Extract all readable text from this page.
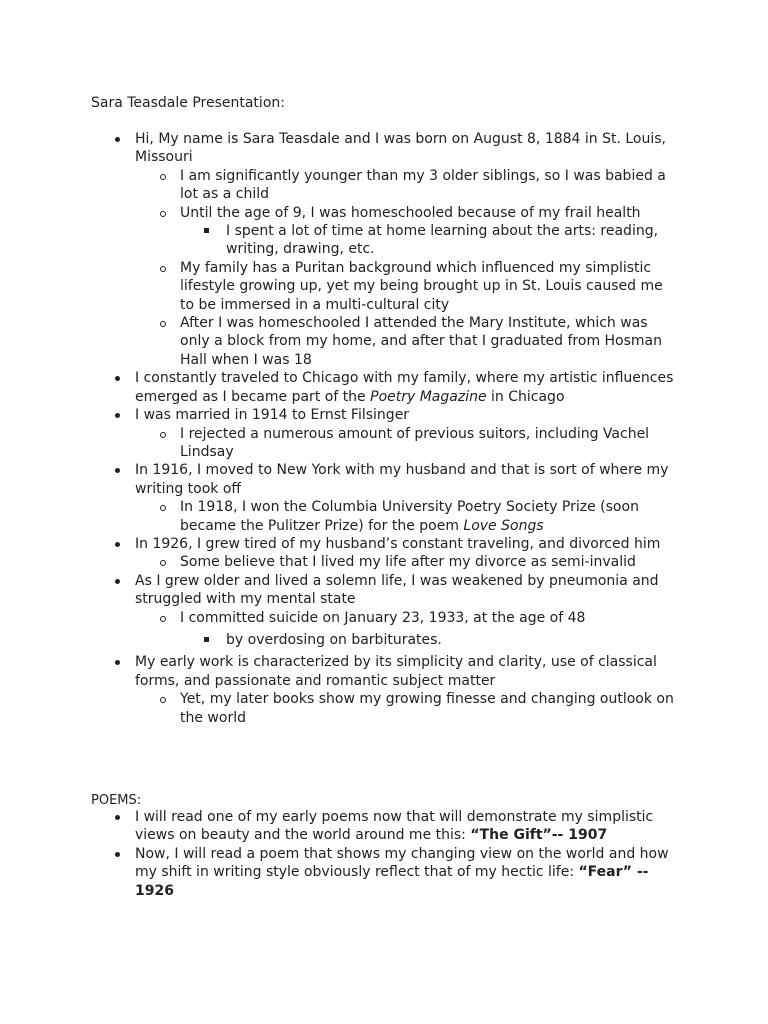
Sara Teasdale Presentation:
Hi, My name is Sara Teasdale and I was born on August 8, 1884 in St. Louis, Missouri
I am significantly younger than my 3 older siblings, so I was babied a lot as a child
Until the age of 9, I was homeschooled because of my frail health
I spent a lot of time at home learning about the arts: reading, writing, drawing, etc.
My family has a Puritan background which influenced my simplistic lifestyle growing up, yet my being brought up in St. Louis caused me to be immersed in a multi-cultural city
After I was homeschooled I attended the Mary Institute, which was only a block from my home, and after that I graduated from Hosman Hall when I was 18
I constantly traveled to Chicago with my family, where my artistic influences emerged as I became part of the Poetry Magazine in Chicago
I was married in 1914 to Ernst Filsinger
I rejected a numerous amount of previous suitors, including Vachel Lindsay
In 1916, I moved to New York with my husband and that is sort of where my writing took off
In 1918, I won the Columbia University Poetry Society Prize (soon became the Pulitzer Prize) for the poem Love Songs
In 1926, I grew tired of my husband’s constant traveling, and divorced him
Some believe that I lived my life after my divorce as semi-invalid
As I grew older and lived a solemn life, I was weakened by pneumonia and struggled with my mental state
I committed suicide on January 23, 1933, at the age of 48
by overdosing on barbiturates.
My early work is characterized by its simplicity and clarity, use of classical forms, and passionate and romantic subject matter
Yet, my later books show my growing finesse and changing outlook on the world
POEMS:
I will read one of my early poems now that will demonstrate my simplistic views on beauty and the world around me this: “The Gift”-- 1907
Now, I will read a poem that shows my changing view on the world and how my shift in writing style obviously reflect that of my hectic life: “Fear” -- 1926
